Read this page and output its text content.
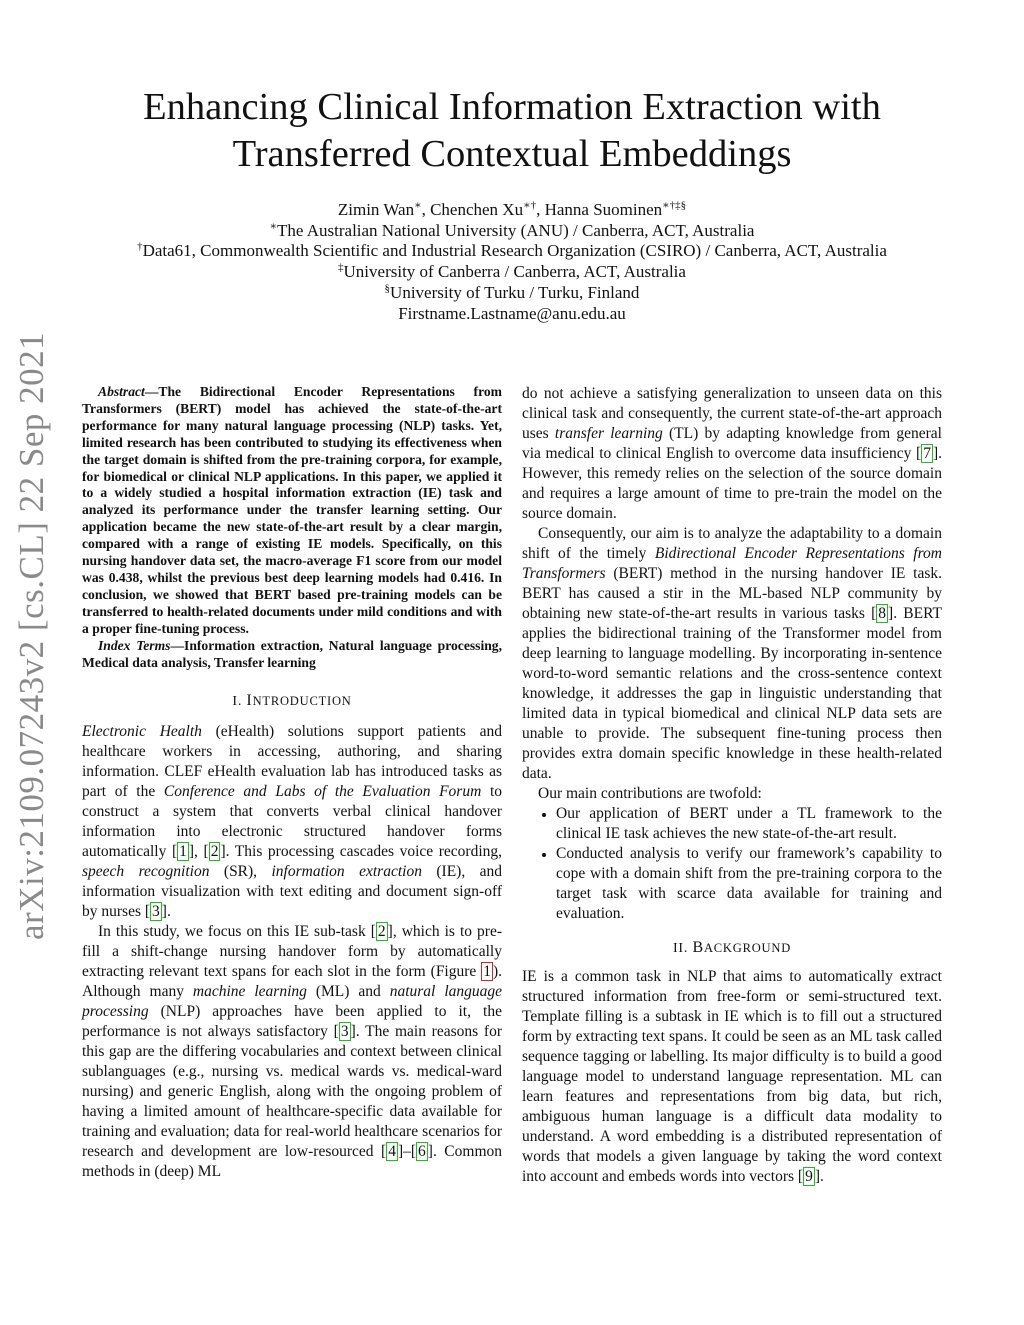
arXiv:2109.07243v2 [cs.CL] 22 Sep 2021
Enhancing Clinical Information Extraction with Transferred Contextual Embeddings
Zimin Wan∗, Chenchen Xu∗†, Hanna Suominen∗†‡§
∗The Australian National University (ANU) / Canberra, ACT, Australia
†Data61, Commonwealth Scientific and Industrial Research Organization (CSIRO) / Canberra, ACT, Australia
‡University of Canberra / Canberra, ACT, Australia
§University of Turku / Turku, Finland
Firstname.Lastname@anu.edu.au

Abstract—The Bidirectional Encoder Representations from Transformers (BERT) model has achieved the state-of-the-art performance for many natural language processing (NLP) tasks. Yet, limited research has been contributed to studying its effectiveness when the target domain is shifted from the pre-training corpora, for example, for biomedical or clinical NLP applications. In this paper, we applied it to a widely studied a hospital information extraction (IE) task and analyzed its performance under the transfer learning setting. Our application became the new state-of-the-art result by a clear margin, compared with a range of existing IE models. Specifically, on this nursing handover data set, the macro-average F1 score from our model was 0.438, whilst the previous best deep learning models had 0.416. In conclusion, we showed that BERT based pre-training models can be transferred to health-related documents under mild conditions and with a proper fine-tuning process.

Index Terms—Information extraction, Natural language processing, Medical data analysis, Transfer learning

I. INTRODUCTION

Electronic Health (eHealth) solutions support patients and healthcare workers in accessing, authoring, and sharing information. CLEF eHealth evaluation lab has introduced tasks as part of the Conference and Labs of the Evaluation Forum to construct a system that converts verbal clinical handover information into electronic structured handover forms automatically [ 1 ], [ 2 ]. This processing cascades voice recording, speech recognition (SR), information extraction (IE), and information visualization with text editing and document sign-off by nurses [ 3 ].

In this study, we focus on this IE sub-task [ 2 ], which is to pre-fill a shift-change nursing handover form by automatically extracting relevant text spans for each slot in the form (Figure 1 ). Although many machine learning (ML) and natural language processing (NLP) approaches have been applied to it, the performance is not always satisfactory [ 3 ]. The main reasons for this gap are the differing vocabularies and context between clinical sublanguages (e.g., nursing vs. medical wards vs. medical-ward nursing) and generic English, along with the ongoing problem of having a limited amount of healthcare-specific data available for training and evaluation; data for real-world healthcare scenarios for research and development are low-resourced [ 4 ]–[ 6 ]. Common methods in (deep) ML

do not achieve a satisfying generalization to unseen data on this clinical task and consequently, the current state-of-the-art approach uses transfer learning (TL) by adapting knowledge from general via medical to clinical English to overcome data insufficiency [ 7 ]. However, this remedy relies on the selection of the source domain and requires a large amount of time to pre-train the model on the source domain.

Consequently, our aim is to analyze the adaptability to a domain shift of the timely Bidirectional Encoder Representations from Transformers (BERT) method in the nursing handover IE task. BERT has caused a stir in the ML-based NLP community by obtaining new state-of-the-art results in various tasks [ 8 ]. BERT applies the bidirectional training of the Transformer model from deep learning to language modelling. By incorporating in-sentence word-to-word semantic relations and the cross-sentence context knowledge, it addresses the gap in linguistic understanding that limited data in typical biomedical and clinical NLP data sets are unable to provide. The subsequent fine-tuning process then provides extra domain specific knowledge in these health-related data.

Our main contributions are twofold:

• Our application of BERT under a TL framework to the clinical IE task achieves the new state-of-the-art result.
• Conducted analysis to verify our framework’s capability to cope with a domain shift from the pre-training corpora to the target task with scarce data available for training and evaluation.
II. BACKGROUND

IE is a common task in NLP that aims to automatically extract structured information from free-form or semi-structured text. Template filling is a subtask in IE which is to fill out a structured form by extracting text spans. It could be seen as an ML task called sequence tagging or labelling. Its major difficulty is to build a good language model to understand language representation. ML can learn features and representations from big data, but rich, ambiguous human language is a difficult data modality to understand. A word embedding is a distributed representation of words that models a given language by taking the word context into account and embeds words into vectors [ 9 ].
